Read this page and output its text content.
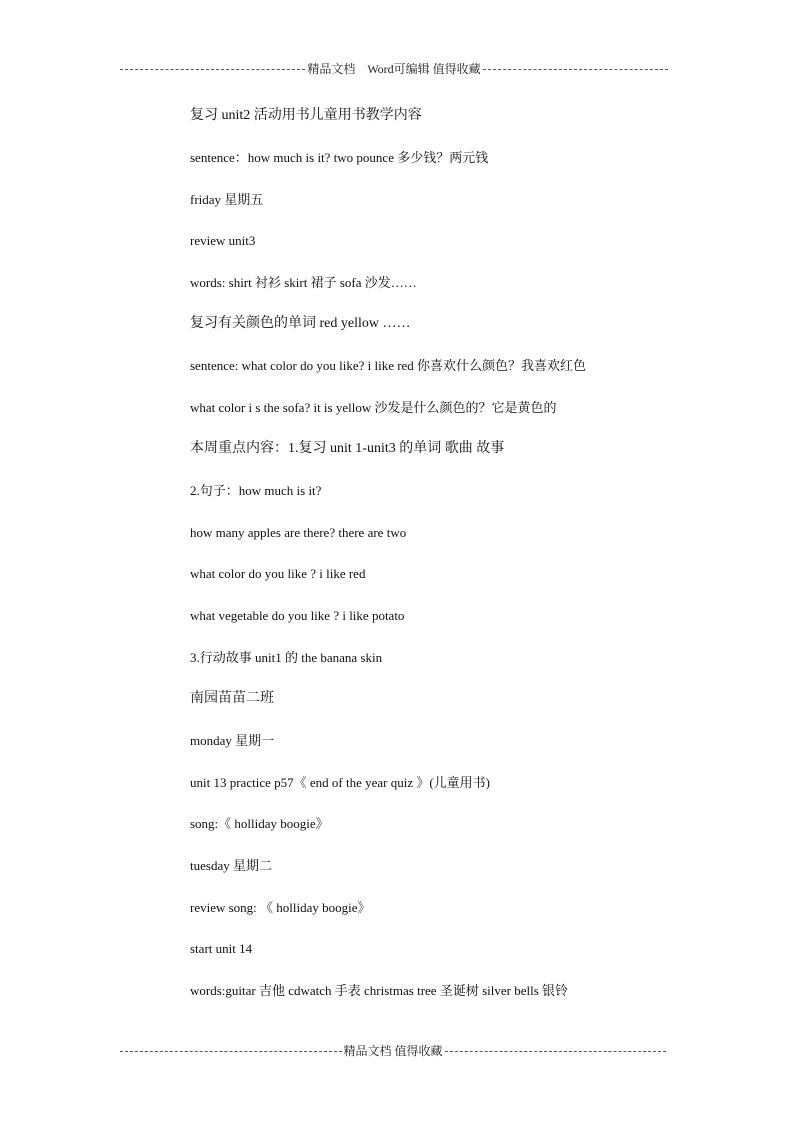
精品文档　Word可编辑 值得收藏
复习 unit2 活动用书儿童用书教学内容
sentence：how much is it? two pounce 多少钱？两元钱
friday 星期五
review unit3
words: shirt 衬衫 skirt 裙子 sofa 沙发……
复习有关颜色的单词 red yellow ……
sentence: what color do you like? i like red 你喜欢什么颜色？我喜欢红色
what color i s the sofa? it is yellow 沙发是什么颜色的？它是黄色的
本周重点内容：1.复习 unit 1-unit3 的单词 歌曲 故事
2.句子：how much is it?
how many apples are there? there are two
what color do you like ? i like red
what vegetable do you like ? i like potato
3.行动故事 unit1 的 the banana skin
南园苗苗二班
monday 星期一
unit 13 practice p57《 end of the year quiz 》(儿童用书)
song:《 holliday boogie》
tuesday 星期二
review song: 《 holliday boogie》
start unit 14
words:guitar 吉他 cdwatch 手表 christmas tree 圣诞树 silver bells 银铃
精品文档 值得收藏
